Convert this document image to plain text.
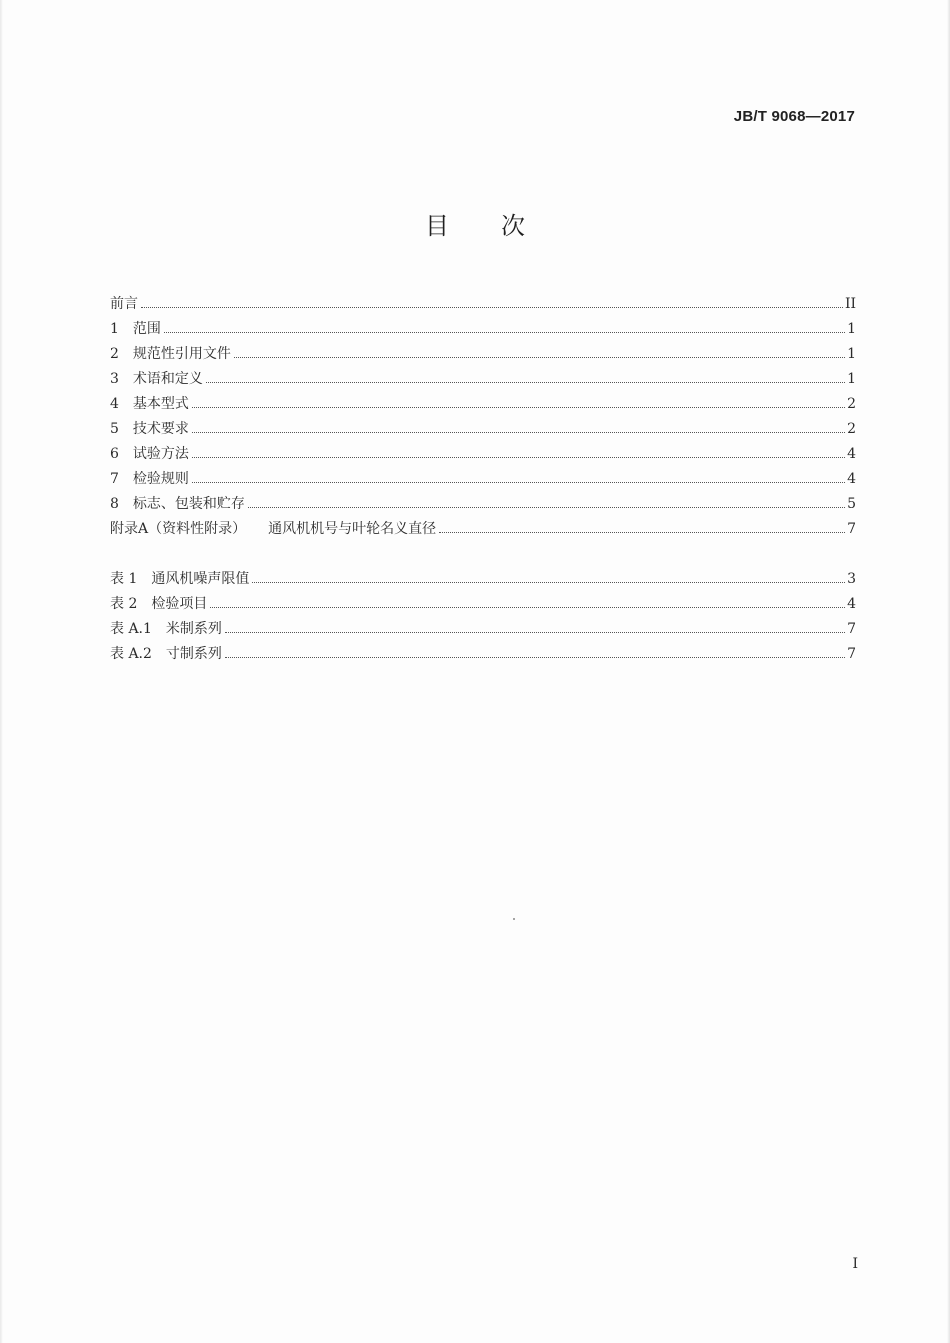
JB/T 9068—2017
目 次
前言	II
1 范围	1
2 规范性引用文件	1
3 术语和定义	1
4 基本型式	2
5 技术要求	2
6 试验方法	4
7 检验规则	4
8 标志、包装和贮存	5
附录A（资料性附录） 通风机机号与叶轮名义直径	7
表 1 通风机噪声限值	3
表 2 检验项目	4
表 A.1 米制系列	7
表 A.2 寸制系列	7
I
